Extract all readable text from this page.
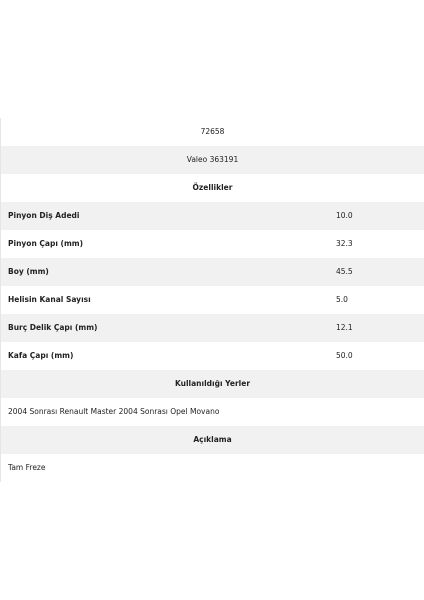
72658
Valeo 363191
Özellikler
Pinyon Diş Adedi	10.0
Pinyon Çapı (mm)	32.3
Boy (mm)	45.5
Helisin Kanal Sayısı	5.0
Burç Delik Çapı (mm)	12.1
Kafa Çapı (mm)	50.0
Kullanıldığı Yerler
2004 Sonrası Renault Master 2004 Sonrası Opel Movano
Açıklama
Tam Freze
